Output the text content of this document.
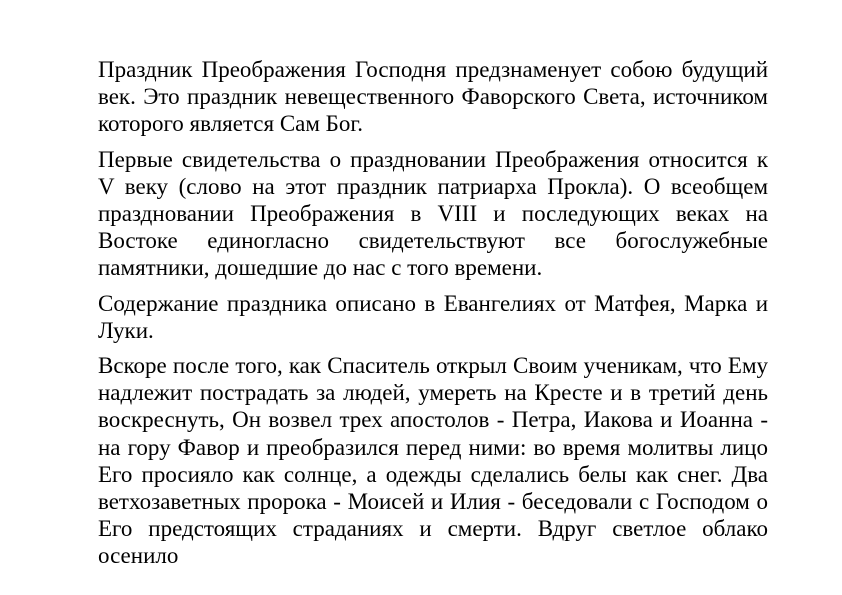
Праздник Преображения Господня предзнаменует собою будущий век. Это праздник невещественного Фаворского Света, источником которого является Сам Бог.

Первые свидетельства о праздновании Преображения относится к V веку (слово на этот праздник патриарха Прокла). О всеобщем праздновании Преображения в VIII и последующих веках на Востоке единогласно свидетельствуют все богослужебные памятники, дошедшие до нас с того времени.

Содержание праздника описано в Евангелиях от Матфея, Марка и Луки.

Вскоре после того, как Спаситель открыл Своим ученикам, что Ему надлежит пострадать за людей, умереть на Кресте и в третий день воскреснуть, Он возвел трех апостолов - Петра, Иакова и Иоанна - на гору Фавор и преобразился перед ними: во время молитвы лицо Его просияло как солнце, а одежды сделались белы как снег. Два ветхозаветных пророка - Моисей и Илия - беседовали с Господом о Его предстоящих страданиях и смерти. Вдруг светлое облако осенило
